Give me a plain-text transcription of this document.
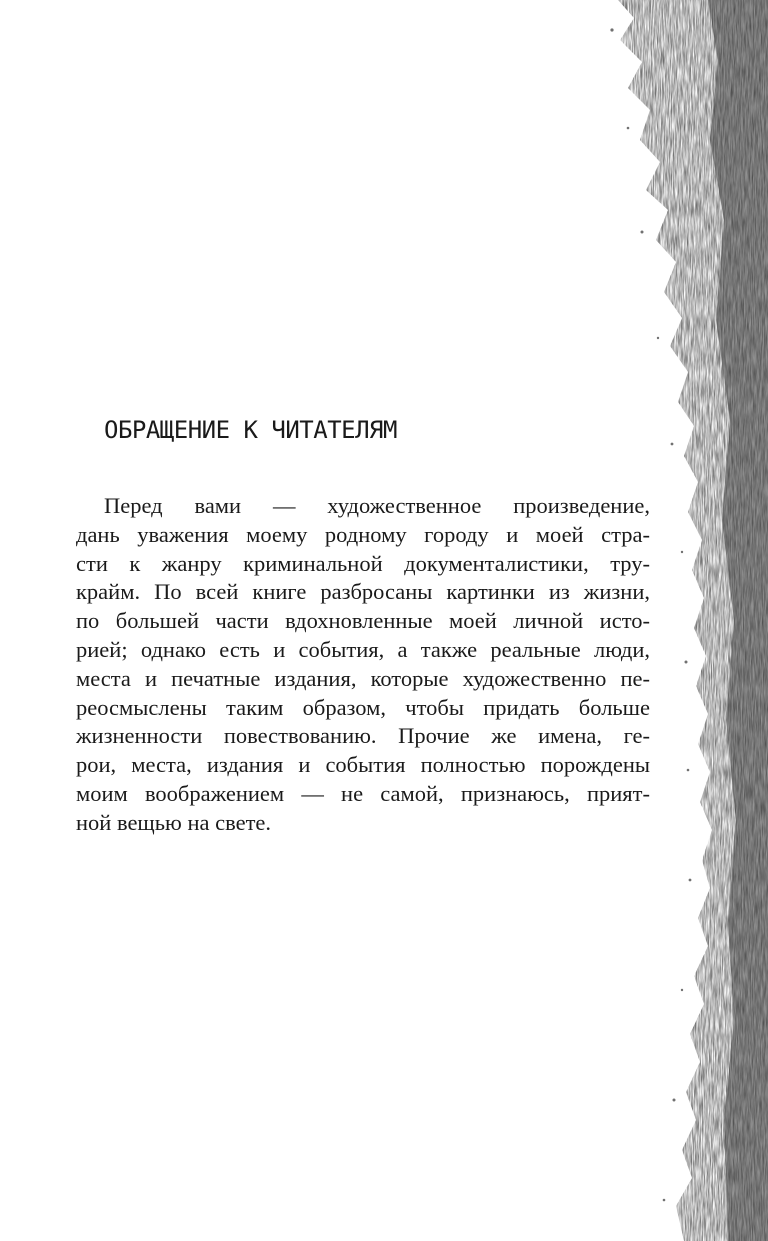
ОБРАЩЕНИЕ К ЧИТАТЕЛЯМ
Перед вами — художественное произведение,
дань уважения моему родному городу и моей стра-
сти к жанру криминальной документалистики, тру-
крайм. По всей книге разбросаны картинки из жизни,
по большей части вдохновленные моей личной исто-
рией; однако есть и события, а также реальные люди,
места и печатные издания, которые художественно пе-
реосмыслены таким образом, чтобы придать больше
жизненности повествованию. Прочие же имена, ге-
рои, места, издания и события полностью порождены
моим воображением — не самой, признаюсь, прият-
ной вещью на свете.
